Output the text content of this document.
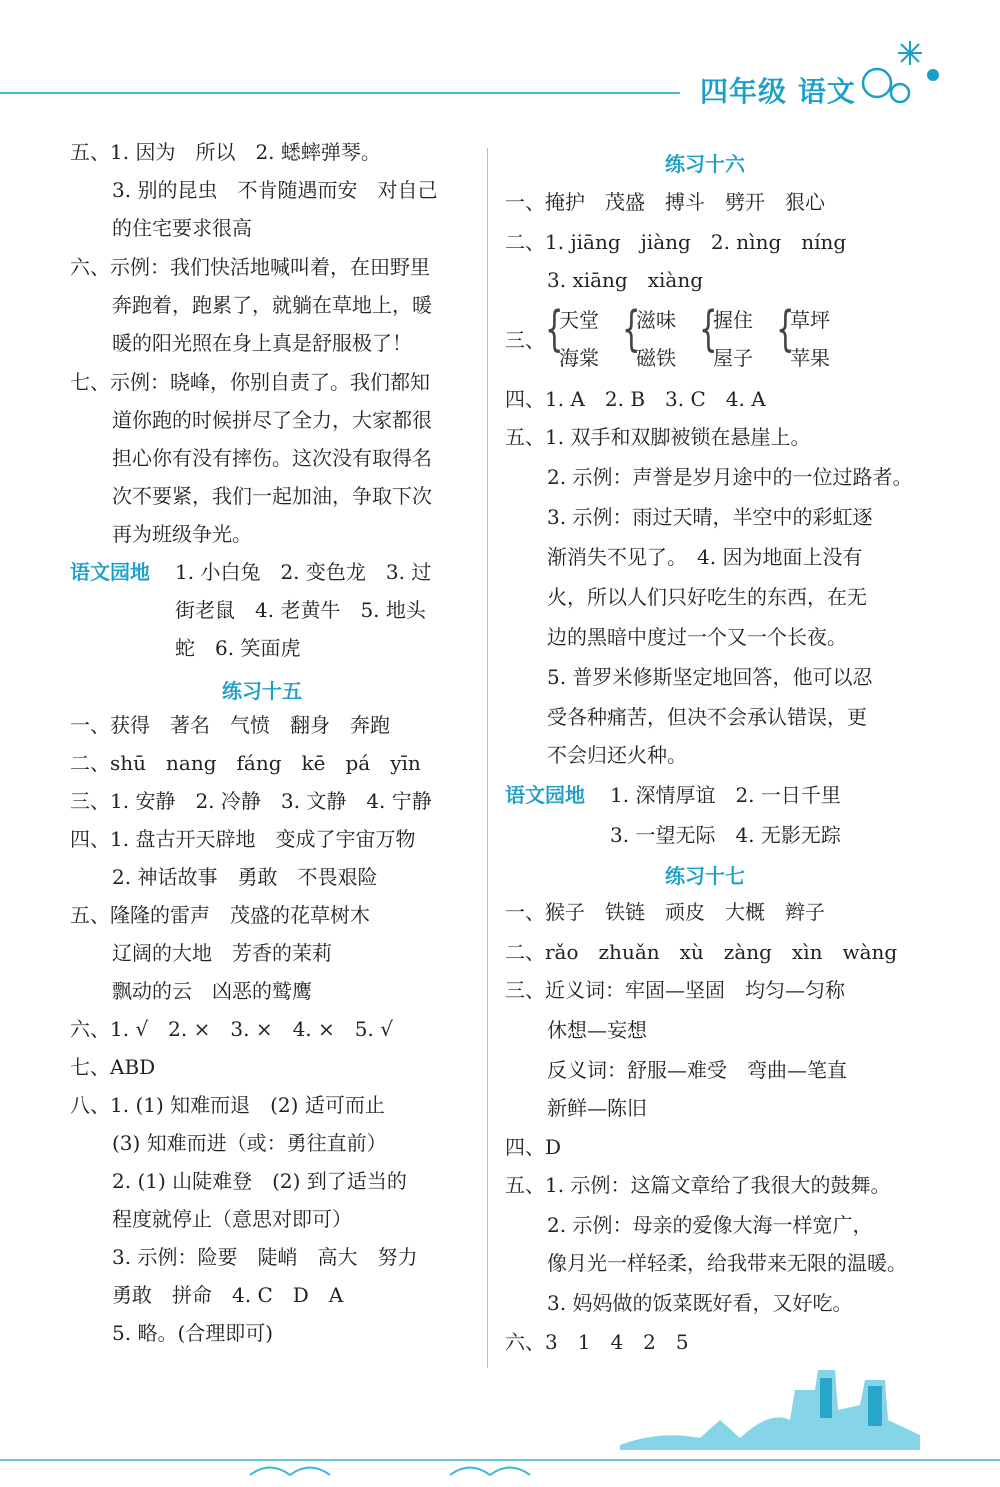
四年级 语文
五、1. 因为　所以　2. 蟋蟀弹琴。
3. 别的昆虫　不肯随遇而安　对自己
的住宅要求很高
六、示例：我们快活地喊叫着，在田野里
奔跑着，跑累了，就躺在草地上，暖
暖的阳光照在身上真是舒服极了！
七、示例：晓峰，你别自责了。我们都知
道你跑的时候拼尽了全力，大家都很
担心你有没有摔伤。这次没有取得名
次不要紧，我们一起加油，争取下次
再为班级争光。
1. 小白兔　2. 变色龙　3. 过
街老鼠　4. 老黄牛　5. 地头
蛇　6. 笑面虎
一、获得　著名　气愤　翻身　奔跑
二、shū　nang　fáng　kē　pá　yīn
三、1. 安静　2. 冷静　3. 文静　4. 宁静
四、1. 盘古开天辟地　变成了宇宙万物
2. 神话故事　勇敢　不畏艰险
五、隆隆的雷声　茂盛的花草树木
辽阔的大地　芳香的茉莉
飘动的云　凶恶的鹫鹰
六、1. √　2. ×　3. ×　4. ×　5. √
七、ABD
八、1. (1) 知难而退　(2) 适可而止
(3) 知难而进（或：勇往直前）
2. (1) 山陡难登　(2) 到了适当的
程度就停止（意思对即可）
3. 示例：险要　陡峭　高大　努力
勇敢　拼命　4. C　D　A
5. 略。(合理即可)
语文园地
练习十五
一、掩护　茂盛　搏斗　劈开　狠心
二、1. jiāng　jiàng　2. nìng　níng
3. xiāng　xiàng
四、1. A　2. B　3. C　4. A
五、1. 双手和双脚被锁在悬崖上。
2. 示例：声誉是岁月途中的一位过路者。
3. 示例：雨过天晴，半空中的彩虹逐
渐消失不见了。　4. 因为地面上没有
火，所以人们只好吃生的东西，在无
边的黑暗中度过一个又一个长夜。
5. 普罗米修斯坚定地回答，他可以忍
受各种痛苦，但决不会承认错误，更
不会归还火种。
1. 深情厚谊　2. 一日千里
3. 一望无际　4. 无影无踪
一、猴子　铁链　顽皮　大概　辫子
二、rǎo　zhuǎn　xù　zàng　xìn　wàng
三、近义词：牢固—坚固　均匀—匀称
休想—妄想
反义词：舒服—难受　弯曲—笔直
新鲜—陈旧
四、D
五、1. 示例：这篇文章给了我很大的鼓舞。
2. 示例：母亲的爱像大海一样宽广，
像月光一样轻柔，给我带来无限的温暖。
3. 妈妈做的饭菜既好看，又好吃。
六、3　1　4　2　5
练习十六
语文园地
练习十七
三、 {
天堂
海棠
{
滋味
磁铁
{
握住
屋子
{
草坪
苹果
